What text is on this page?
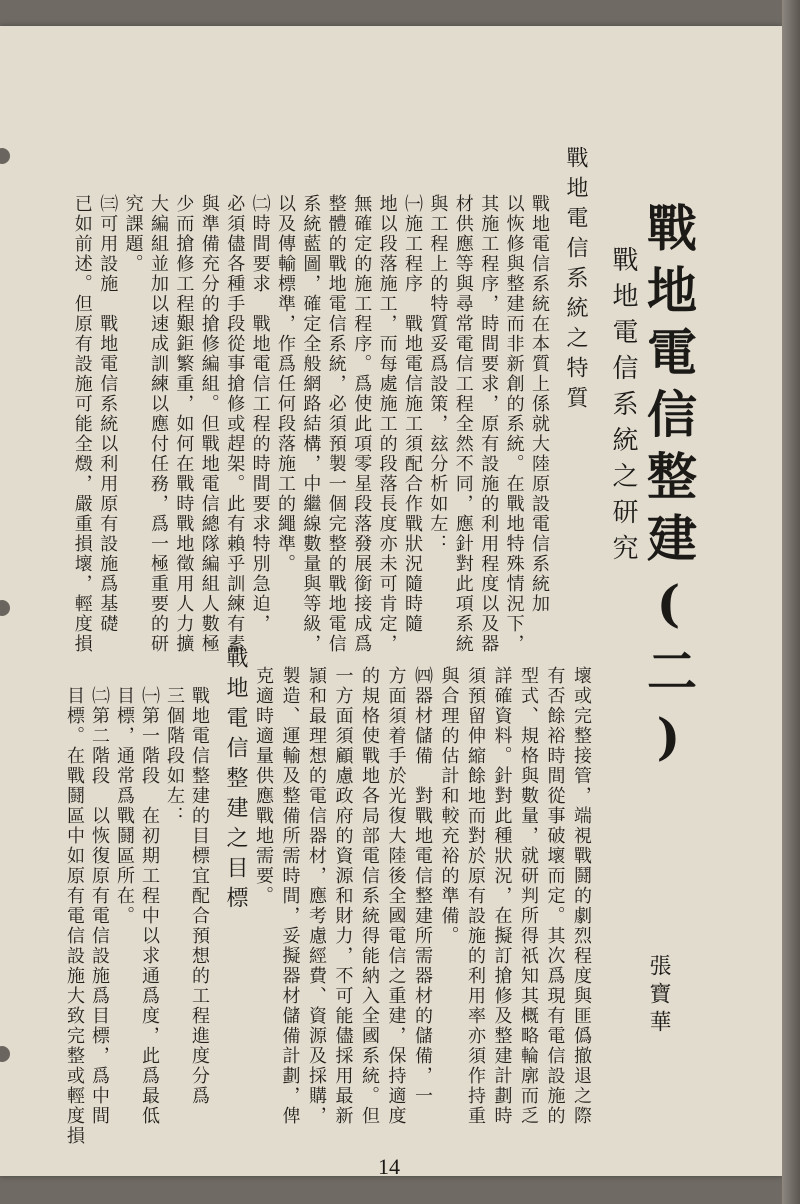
戰地電信整建(二)
戰地電信系統之研究
張寶華
戰地電信系統之特質
戰地電信系統在本質上係就大陸原設電信系統加
以恢修與整建而非新創的系統。在戰地特殊情況下，
其施工程序，時間要求，原有設施的利用程度以及器
材供應等與尋常電信工程全然不同，應針對此項系統
與工程上的特質妥爲設策，玆分析如左：
㈠施工程序　戰地電信施工須配合作戰狀況隨時隨
地以段落施工，而每處施工的段落長度亦未可肯定，
無確定的施工程序。爲使此項零星段落發展銜接成爲
整體的戰地電信系統，必須預製一個完整的戰地電信
系統藍圖，確定全般網路結構，中繼線數量與等級，
以及傳輸標準，作爲任何段落施工的繩準。
㈡時間要求　戰地電信工程的時間要求特別急迫，
必須儘各種手段從事搶修或趕架。此有賴乎訓練有素
與準備充分的搶修編組。但戰地電信總隊編組人數極
少而搶修工程艱鉅繁重，如何在戰時戰地徵用人力擴
大編組並加以速成訓練以應付任務，爲一極重要的研
究課題。
㈢可用設施　戰地電信系統以利用原有設施爲基礎
已如前述。但原有設施可能全燬，嚴重損壞，輕度損
戰地電信整建之目標	壞或完整接管，端視戰鬪的劇烈程度與匪僞撤退之際
有否餘裕時間從事破壞而定。其次爲現有電信設施的
型式、規格與數量，就研判所得祇知其概略輪廓而乏
詳確資料。針對此種狀況，在擬訂搶修及整建計劃時
須預留伸縮餘地而對於原有設施的利用率亦須作持重
與合理的估計和較充裕的準備。
㈣器材儲備　對戰地電信整建所需器材的儲備，一
方面須着手於光復大陸後全國電信之重建，保持適度
的規格使戰地各局部電信系統得能納入全國系統。但
一方面須顧慮政府的資源和財力，不可能儘採用最新
頴和最理想的電信器材，應考慮經費、資源及採購，
製造、運輸及整備所需時間，妥擬器材儲備計劃，俾
克適時適量供應戰地需要。
戰地電信整建的目標宜配合預想的工程進度分爲
三個階段如左：
㈠第一階段　在初期工程中以求通爲度，此爲最低
目標，通常爲戰鬪區所在。
㈡第二階段　以恢復原有電信設施爲目標，爲中間
目標。在戰鬪區中如原有電信設施大致完整或輕度損
14
